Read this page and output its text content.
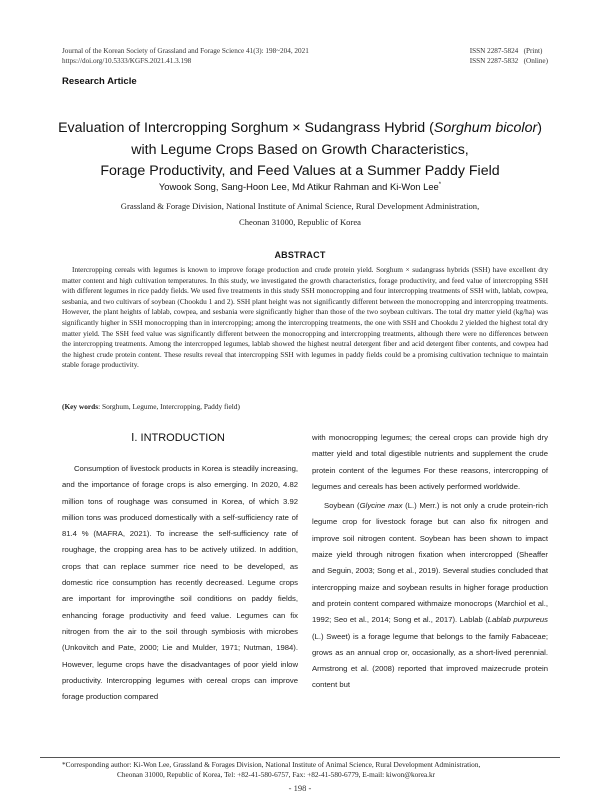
Journal of the Korean Society of Grassland and Forage Science 41(3): 198~204, 2021
https://doi.org/10.5333/KGFS.2021.41.3.198
ISSN 2287-5824   (Print)
ISSN 2287-5832   (Online)
Research Article
Evaluation of Intercropping Sorghum × Sudangrass Hybrid (Sorghum bicolor)
with Legume Crops Based on Growth Characteristics,
Forage Productivity, and Feed Values at a Summer Paddy Field
Yowook Song, Sang-Hoon Lee, Md Atikur Rahman and Ki-Won Lee*
Grassland & Forage Division, National Institute of Animal Science, Rural Development Administration,
Cheonan 31000, Republic of Korea
ABSTRACT

Intercropping cereals with legumes is known to improve forage production and crude protein yield. Sorghum × sudangrass hybrids (SSH) have excellent dry matter content and high cultivation temperatures. In this study, we investigated the growth characteristics, forage productivity, and feed value of intercropping SSH with different legumes in rice paddy fields. We used five treatments in this study SSH monocropping and four intercropping treatments of SSH with, lablab, cowpea, sesbania, and two cultivars of soybean (Chookdu 1 and 2). SSH plant height was not significantly different between the monocropping and intercropping treatments. However, the plant heights of lablab, cowpea, and sesbania were significantly higher than those of the two soybean cultivars. The total dry matter yield (kg/ha) was significantly higher in SSH monocropping than in intercropping; among the intercropping treatments, the one with SSH and Chookdu 2 yielded the highest total dry matter yield. The SSH feed value was significantly different between the monocropping and intercropping treatments, although there were no differences between the intercropping treatments. Among the intercropped legumes, lablab showed the highest neutral detergent fiber and acid detergent fiber contents, and cowpea had the highest crude protein content. These results reveal that intercropping SSH with legumes in paddy fields could be a promising cultivation technique to maintain stable forage productivity.

(Key words: Sorghum, Legume, Intercropping, Paddy field)
Ⅰ. INTRODUCTION

Consumption of livestock products in Korea is steadily increasing, and the importance of forage crops is also emerging. In 2020, 4.82 million tons of roughage was consumed in Korea, of which 3.92 million tons was produced domestically with a self-sufficiency rate of 81.4 % (MAFRA, 2021). To increase the self-sufficiency rate of roughage, the cropping area has to be actively utilized. In addition, crops that can replace summer rice need to be developed, as domestic rice consumption has recently decreased. Legume crops are important for improvingthe soil conditions on paddy fields, enhancing forage productivity and feed value. Legumes can fix nitrogen from the air to the soil through symbiosis with microbes (Unkovitch and Pate, 2000; Lie and Mulder, 1971; Nutman, 1984). However, legume crops have the disadvantages of poor yield inlow productivity. Intercropping legumes with cereal crops can improve forage production compared

with monocropping legumes; the cereal crops can provide high dry matter yield and total digestible nutrients and supplement the crude protein content of the legumes For these reasons, intercropping of legumes and cereals has been actively performed worldwide.

Soybean (Glycine max (L.) Merr.) is not only a crude protein-rich legume crop for livestock forage but can also fix nitrogen and improve soil nitrogen content. Soybean has been shown to impact maize yield through nitrogen fixation when intercropped (Sheaffer and Seguin, 2003; Song et al., 2019). Several studies concluded that intercropping maize and soybean results in higher forage production and protein content compared withmaize monocrops (Marchiol et al., 1992; Seo et al., 2014; Song et al., 2017). Lablab (Lablab purpureus (L.) Sweet) is a forage legume that belongs to the family Fabaceae; grows as an annual crop or, occasionally, as a short-lived perennial. Armstrong et al. (2008) reported that improved maizecrude protein content but

*Corresponding author: Ki-Won Lee, Grassland & Forages Division, National Institute of Animal Science, Rural Development Administration,
Cheonan 31000, Republic of Korea, Tel: +82-41-580-6757, Fax: +82-41-580-6779, E-mail: kiwon@korea.kr
- 198 -
